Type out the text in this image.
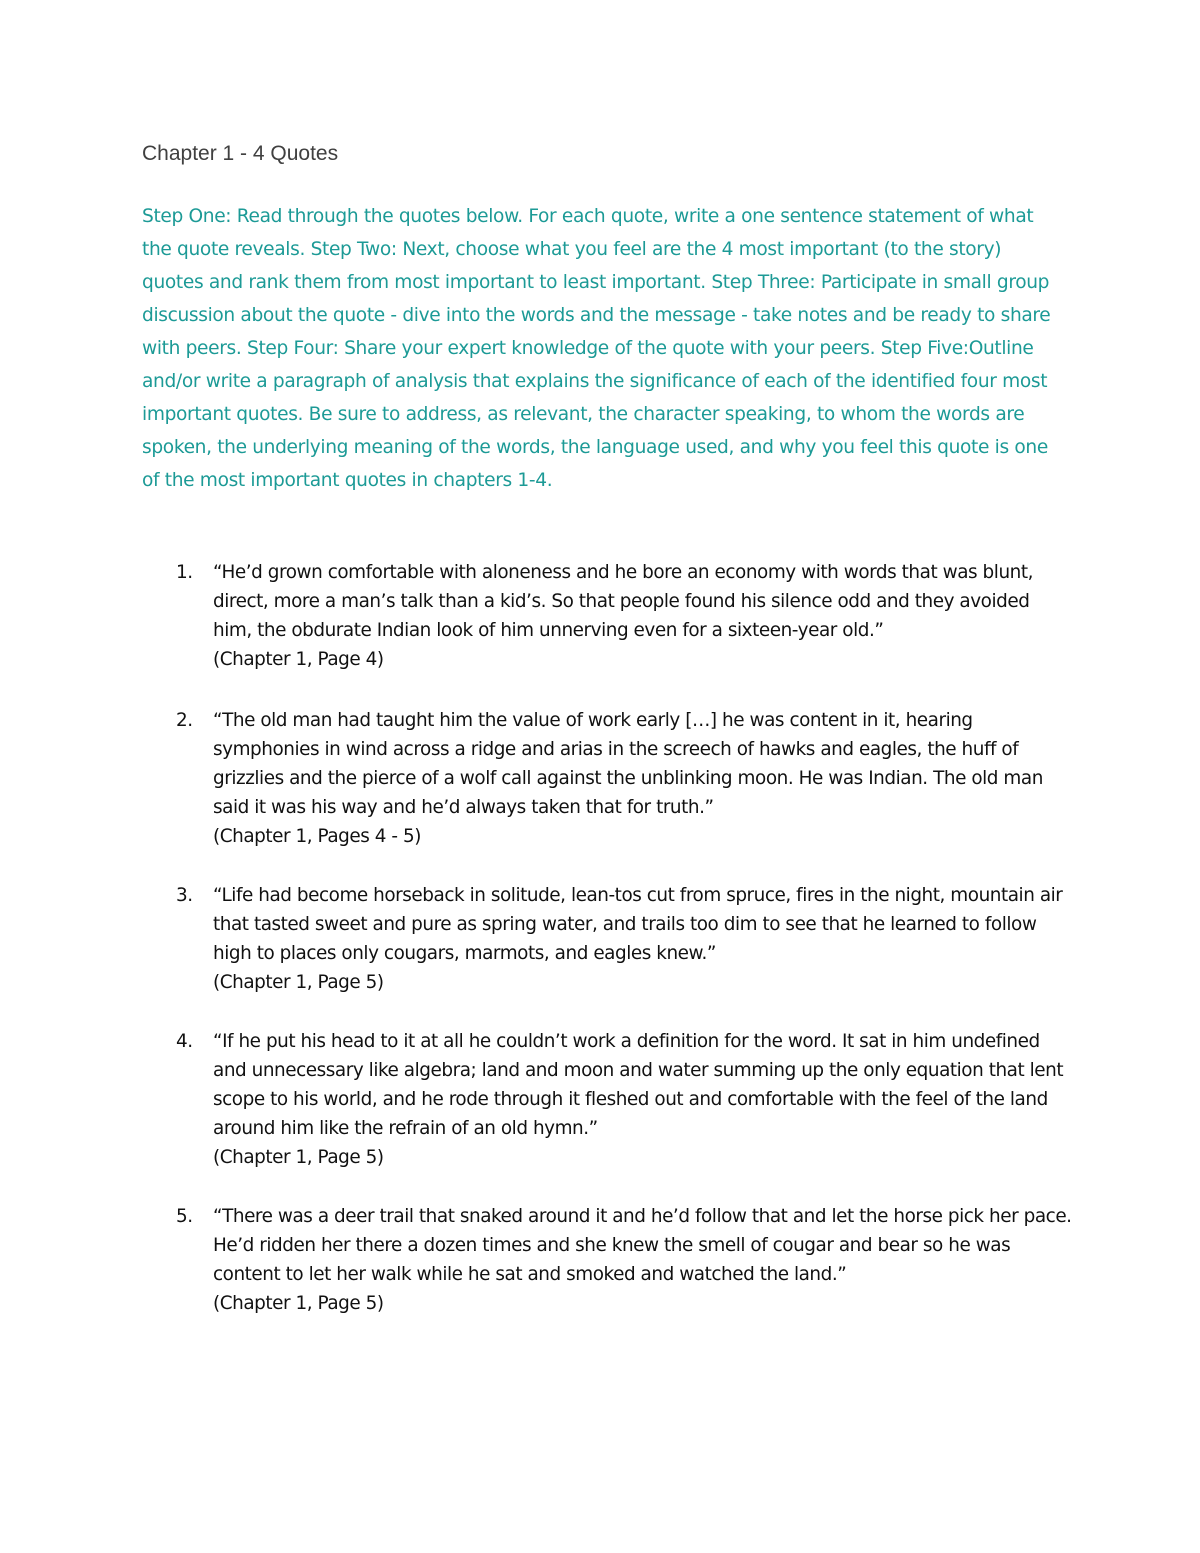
Chapter 1 - 4 Quotes

Step One: Read through the quotes below. For each quote, write a one sentence statement of what the quote reveals. Step Two: Next, choose what you feel are the 4 most important (to the story) quotes and rank them from most important to least important. Step Three: Participate in small group discussion about the quote - dive into the words and the message - take notes and be ready to share with peers. Step Four: Share your expert knowledge of the quote with your peers. Step Five:Outline and/or write a paragraph of analysis that explains the significance of each of the identified four most important quotes. Be sure to address, as relevant, the character speaking, to whom the words are spoken, the underlying meaning of the words, the language used, and why you feel this quote is one of the most important quotes in chapters 1-4.

1. “He’d grown comfortable with aloneness and he bore an economy with words that was blunt, direct, more a man’s talk than a kid’s. So that people found his silence odd and they avoided him, the obdurate Indian look of him unnerving even for a sixteen-year old.”
(Chapter 1, Page 4)
2. “The old man had taught him the value of work early […] he was content in it, hearing symphonies in wind across a ridge and arias in the screech of hawks and eagles, the huff of grizzlies and the pierce of a wolf call against the unblinking moon. He was Indian. The old man said it was his way and he’d always taken that for truth.”
(Chapter 1, Pages 4 - 5)
3. “Life had become horseback in solitude, lean-tos cut from spruce, fires in the night, mountain air that tasted sweet and pure as spring water, and trails too dim to see that he learned to follow high to places only cougars, marmots, and eagles knew.”
(Chapter 1, Page 5)
4. “If he put his head to it at all he couldn’t work a definition for the word. It sat in him undefined and unnecessary like algebra; land and moon and water summing up the only equation that lent scope to his world, and he rode through it fleshed out and comfortable with the feel of the land around him like the refrain of an old hymn.”
(Chapter 1, Page 5)
5. “There was a deer trail that snaked around it and he’d follow that and let the horse pick her pace. He’d ridden her there a dozen times and she knew the smell of cougar and bear so he was content to let her walk while he sat and smoked and watched the land.”
(Chapter 1, Page 5)
